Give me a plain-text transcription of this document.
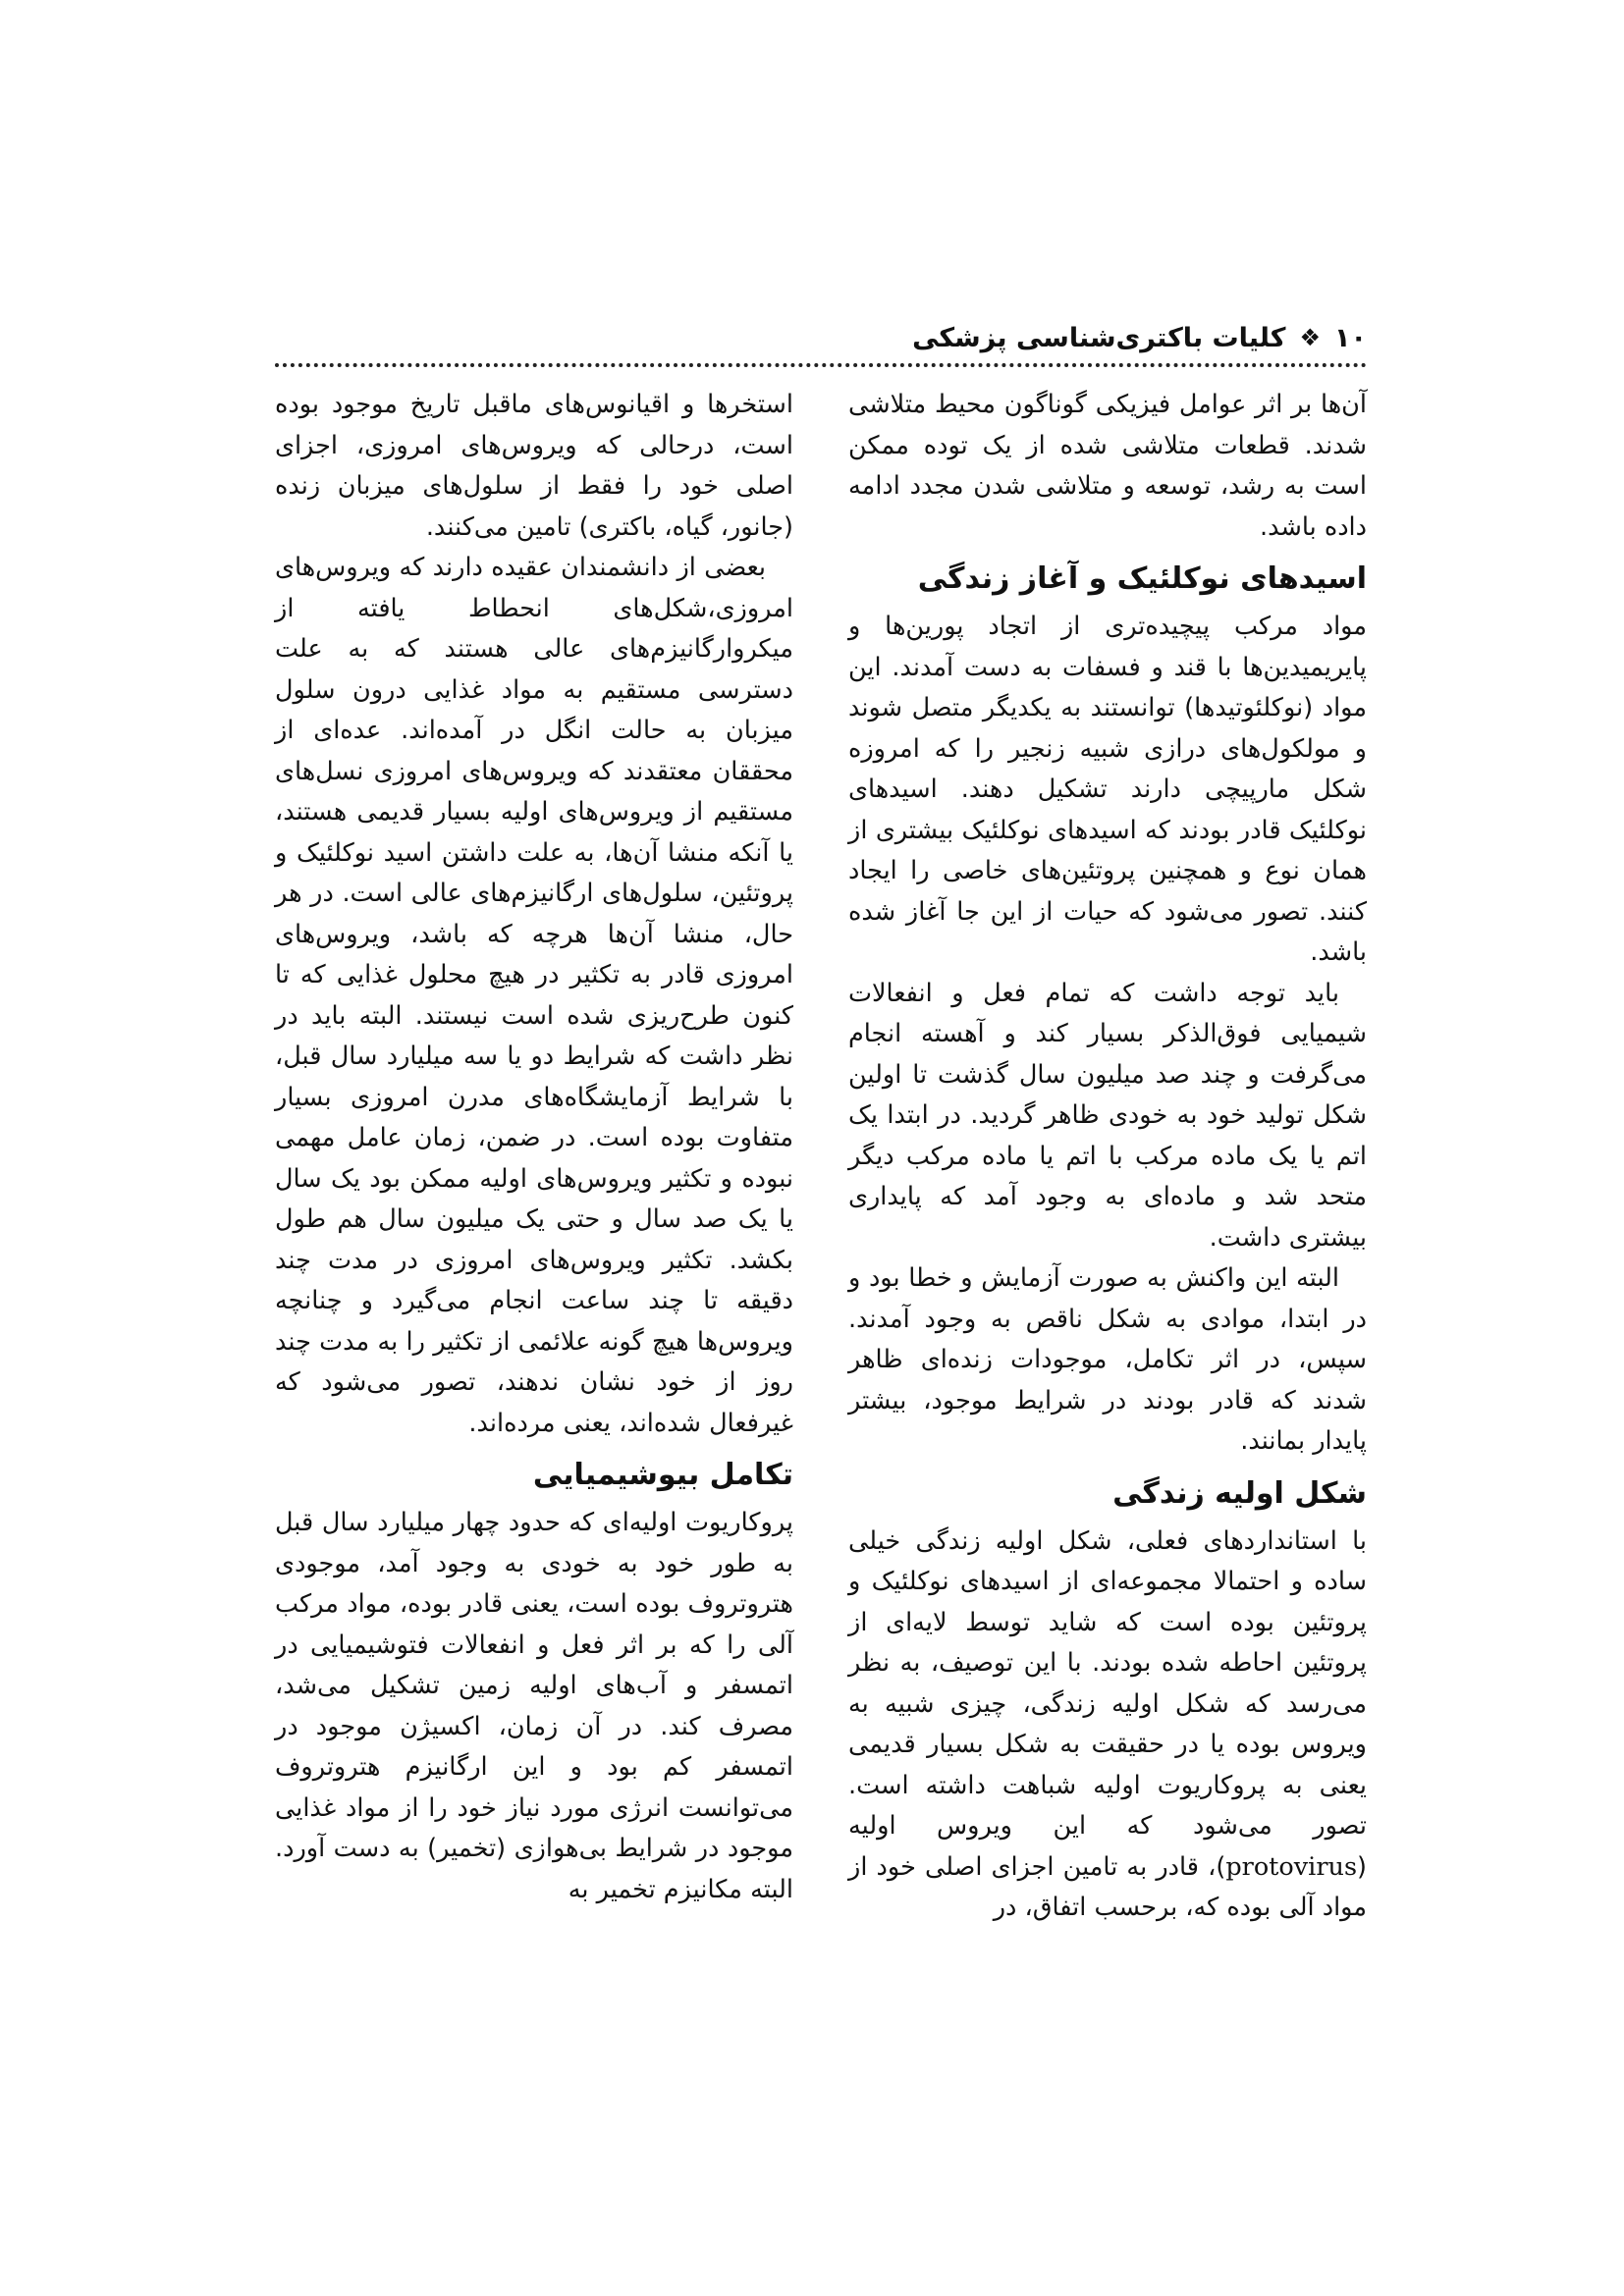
۱۰
❖
کلیات باکتری‌شناسی پزشکی

آن‌ها بر اثر عوامل فیزیکی گوناگون محیط متلاشی شدند. قطعات متلاشی شده از یک توده ممکن است به رشد، توسعه و متلاشی شدن مجدد ادامه داده باشد.

اسیدهای نوکلئیک و آغاز زندگی

مواد مرکب پیچیده‌تری از اتجاد پورین‌ها و پایریمیدین‌ها با قند و فسفات به دست آمدند. این مواد (نوکلئوتیدها) توانستند به یکدیگر متصل شوند و مولکول‌های درازی شبیه زنجیر را که امروزه شکل مارپیچی دارند تشکیل دهند. اسیدهای نوکلئیک قادر بودند که اسیدهای نوکلئیک بیشتری از همان نوع و همچنین پروتئین‌های خاصی را ایجاد کنند. تصور می‌شود که حیات از این جا آغاز شده باشد.

باید توجه داشت که تمام فعل و انفعالات شیمیایی فوق‌الذکر بسیار کند و آهسته انجام می‌گرفت و چند صد میلیون سال گذشت تا اولین شکل تولید خود به خودی ظاهر گردید. در ابتدا یک اتم یا یک ماده مرکب با اتم یا ماده مرکب دیگر متحد شد و ماده‌ای به وجود آمد که پایداری بیشتری داشت.

البته این واکنش به صورت آزمایش و خطا بود و در ابتدا، موادی به شکل ناقص به وجود آمدند. سپس، در اثر تکامل، موجودات زنده‌ای ظاهر شدند که قادر بودند در شرایط موجود، بیشتر پایدار بمانند.

شکل اولیه زندگی

با استانداردهای فعلی، شکل اولیه زندگی خیلی ساده و احتمالا مجموعه‌ای از اسیدهای نوکلئیک و پروتئین بوده است که شاید توسط لایه‌ای از پروتئین احاطه شده بودند. با این توصیف، به نظر می‌رسد که شکل اولیه زندگی، چیزی شبیه به ویروس بوده یا در حقیقت به شکل بسیار قدیمی یعنی به پروکاریوت اولیه شباهت داشته است. تصور می‌شود که این ویروس اولیه (protovirus)، قادر به تامین اجزای اصلی خود از مواد آلی بوده که، برحسب اتفاق، در

استخرها و اقیانوس‌های ماقبل تاریخ موجود بوده است، درحالی که ویروس‌های امروزی، اجزای اصلی خود را فقط از سلول‌های میزبان زنده (جانور، گیاه، باکتری) تامین می‌کنند.

بعضی از دانشمندان عقیده دارند که ویروس‌های امروزی،شکل‌های انحطاط یافته از میکروارگانیزم‌های عالی هستند که به علت دسترسی مستقیم به مواد غذایی درون سلول میزبان به حالت انگل در آمده‌اند. عده‌ای از محققان معتقدند که ویروس‌های امروزی نسل‌های مستقیم از ویروس‌های اولیه بسیار قدیمی هستند، یا آنکه منشا آن‌ها، به علت داشتن اسید نوکلئیک و پروتئین، سلول‌های ارگانیزم‌های عالی است. در هر حال، منشا آن‌ها هرچه که باشد، ویروس‌های امروزی قادر به تکثیر در هیچ محلول غذایی که تا کنون طرح‌ریزی شده است نیستند. البته باید در نظر داشت که شرایط دو یا سه میلیارد سال قبل، با شرایط آزمایشگاه‌های مدرن امروزی بسیار متفاوت بوده است. در ضمن، زمان عامل مهمی نبوده و تکثیر ویروس‌های اولیه ممکن بود یک سال یا یک صد سال و حتی یک میلیون سال هم طول بکشد. تکثیر ویروس‌های امروزی در مدت چند دقیقه تا چند ساعت انجام می‌گیرد و چنانچه ویروس‌ها هیچ گونه علائمی از تکثیر را به مدت چند روز از خود نشان ندهند، تصور می‌شود که غیرفعال شده‌اند، یعنی مرده‌اند.

تکامل بیوشیمیایی

پروکاریوت اولیه‌ای که حدود چهار میلیارد سال قبل به طور خود به خودی به وجود آمد، موجودی هتروتروف بوده است، یعنی قادر بوده، مواد مرکب آلی را که بر اثر فعل و انفعالات فتوشیمیایی در اتمسفر و آب‌های اولیه زمین تشکیل می‌شد، مصرف کند. در آن زمان، اکسیژن موجود در اتمسفر کم بود و این ارگانیزم هتروتروف می‌توانست انرژی مورد نیاز خود را از مواد غذایی موجود در شرایط بی‌هوازی (تخمیر) به دست آورد. البته مکانیزم تخمیر به
